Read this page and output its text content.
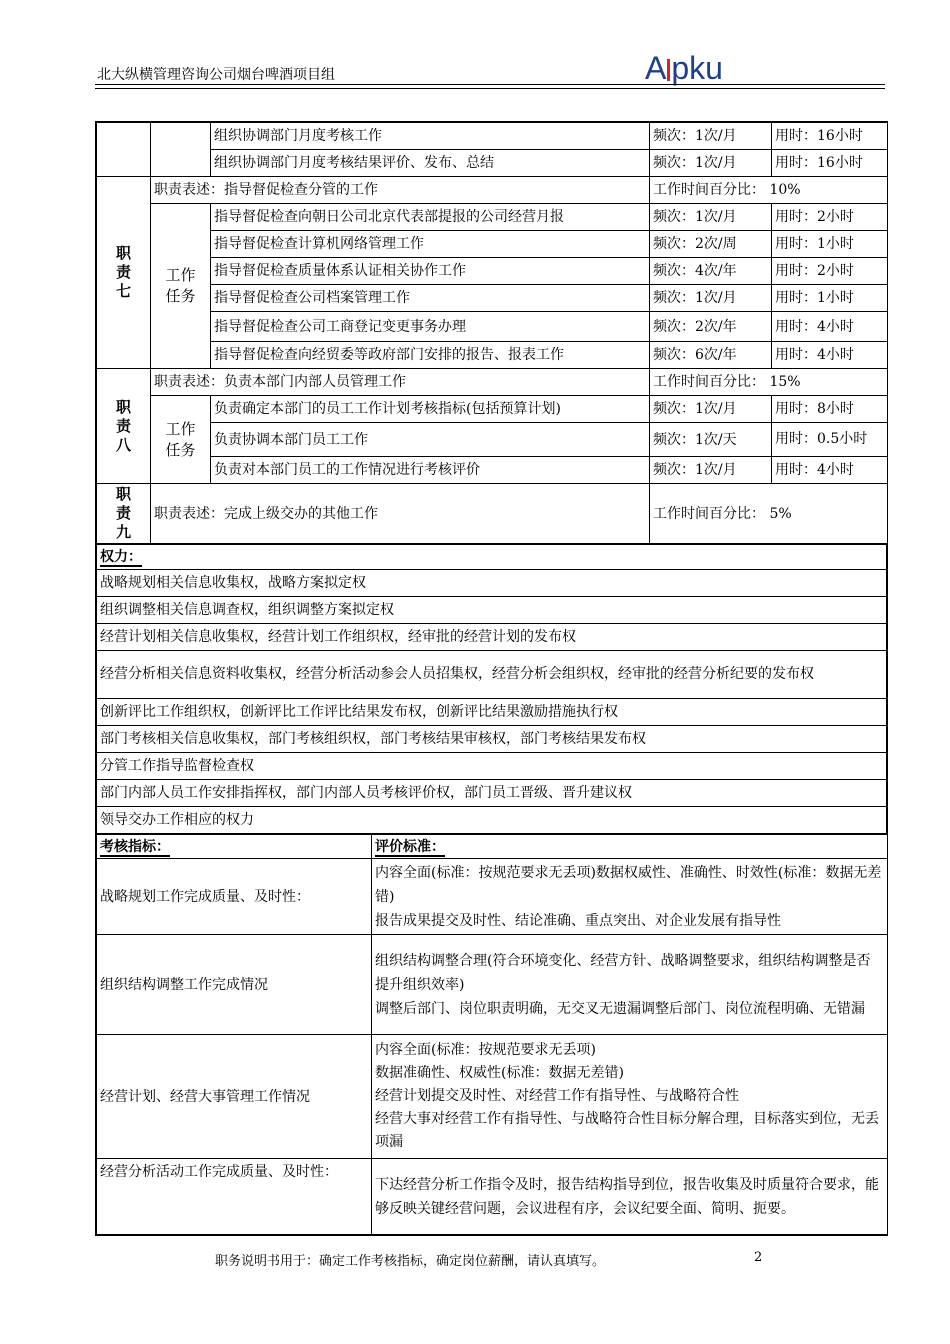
北大纵横管理咨询公司烟台啤酒项目组	A pku
		组织协调部门月度考核工作	频次：1次/月	用时：16小时
		组织协调部门月度考核结果评价、发布、总结	频次：1次/月	用时：16小时
职责七	职责表述：指导督促检查分管的工作		工作时间百分比： 10%	
	工作任务	指导督促检查向朝日公司北京代表部提报的公司经营月报	频次：1次/月	用时：2小时
		指导督促检查计算机网络管理工作	频次：2次/周	用时：1小时
		指导督促检查质量体系认证相关协作工作	频次：4次/年	用时：2小时
		指导督促检查公司档案管理工作	频次：1次/月	用时：1小时
		指导督促检查公司工商登记变更事务办理	频次：2次/年	用时：4小时
		指导督促检查向经贸委等政府部门安排的报告、报表工作	频次：6次/年	用时：4小时
职责八	职责表述：负责本部门内部人员管理工作		工作时间百分比： 15%	
	工作任务	负责确定本部门的员工工作计划考核指标(包括预算计划)	频次：1次/月	用时：8小时
		负责协调本部门员工工作	频次：1次/天	用时：0.5小时
		负责对本部门员工的工作情况进行考核评价	频次：1次/月	用时：4小时
职责九	职责表述：完成上级交办的其他工作		工作时间百分比： 5%	
权力：
战略规划相关信息收集权，战略方案拟定权
组织调整相关信息调查权，组织调整方案拟定权
经营计划相关信息收集权，经营计划工作组织权，经审批的经营计划的发布权
经营分析相关信息资料收集权，经营分析活动参会人员招集权，经营分析会组织权，经审批的经营分析纪要的发布权
创新评比工作组织权，创新评比工作评比结果发布权，创新评比结果激励措施执行权
部门考核相关信息收集权，部门考核组织权，部门考核结果审核权，部门考核结果发布权
分管工作指导监督检查权
部门内部人员工作安排指挥权，部门内部人员考核评价权，部门员工晋级、晋升建议权
领导交办工作相应的权力
考核指标：	评价标准：
战略规划工作完成质量、及时性：	内容全面(标准：按规范要求无丢项)数据权威性、准确性、时效性(标准：数据无差错)
报告成果提交及时性、结论准确、重点突出、对企业发展有指导性

组织结构调整工作完成情况	组织结构调整合理(符合环境变化、经营方针、战略调整要求，组织结构调整是否提升组织效率)
调整后部门、岗位职责明确，无交叉无遗漏调整后部门、岗位流程明确、无错漏

经营计划、经营大事管理工作情况	内容全面(标准：按规范要求无丢项)
数据准确性、权威性(标准：数据无差错)
经营计划提交及时性、对经营工作有指导性、与战略符合性
经营大事对经营工作有指导性、与战略符合性目标分解合理，目标落实到位，无丢项漏

经营分析活动工作完成质量、及时性：	下达经营分析工作指令及时，报告结构指导到位，报告收集及时质量符合要求，能够反映关键经营问题，会议进程有序，会议纪要全面、简明、扼要。
职务说明书用于：确定工作考核指标，确定岗位薪酬，请认真填写。	2
